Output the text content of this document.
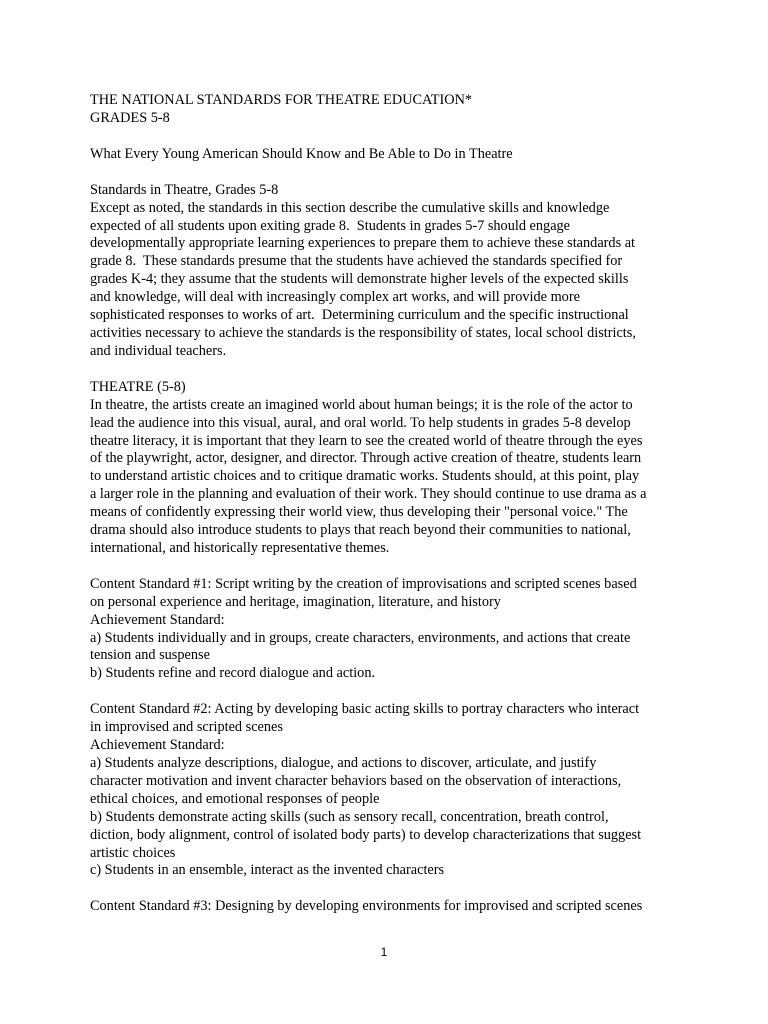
THE NATIONAL STANDARDS FOR THEATRE EDUCATION*
GRADES 5-8
What Every Young American Should Know and Be Able to Do in Theatre
Standards in Theatre, Grades 5-8
Except as noted, the standards in this section describe the cumulative skills and knowledge
expected of all students upon exiting grade 8.  Students in grades 5-7 should engage
developmentally appropriate learning experiences to prepare them to achieve these standards at
grade 8.  These standards presume that the students have achieved the standards specified for
grades K-4; they assume that the students will demonstrate higher levels of the expected skills
and knowledge, will deal with increasingly complex art works, and will provide more
sophisticated responses to works of art.  Determining curriculum and the specific instructional
activities necessary to achieve the standards is the responsibility of states, local school districts,
and individual teachers.
THEATRE (5-8)
In theatre, the artists create an imagined world about human beings; it is the role of the actor to
lead the audience into this visual, aural, and oral world. To help students in grades 5-8 develop
theatre literacy, it is important that they learn to see the created world of theatre through the eyes
of the playwright, actor, designer, and director. Through active creation of theatre, students learn
to understand artistic choices and to critique dramatic works. Students should, at this point, play
a larger role in the planning and evaluation of their work. They should continue to use drama as a
means of confidently expressing their world view, thus developing their "personal voice." The
drama should also introduce students to plays that reach beyond their communities to national,
international, and historically representative themes.
Content Standard #1: Script writing by the creation of improvisations and scripted scenes based
on personal experience and heritage, imagination, literature, and history
Achievement Standard:
a) Students individually and in groups, create characters, environments, and actions that create
tension and suspense
b) Students refine and record dialogue and action.
Content Standard #2: Acting by developing basic acting skills to portray characters who interact
in improvised and scripted scenes
Achievement Standard:
a) Students analyze descriptions, dialogue, and actions to discover, articulate, and justify
character motivation and invent character behaviors based on the observation of interactions,
ethical choices, and emotional responses of people
b) Students demonstrate acting skills (such as sensory recall, concentration, breath control,
diction, body alignment, control of isolated body parts) to develop characterizations that suggest
artistic choices
c) Students in an ensemble, interact as the invented characters
Content Standard #3: Designing by developing environments for improvised and scripted scenes
1
